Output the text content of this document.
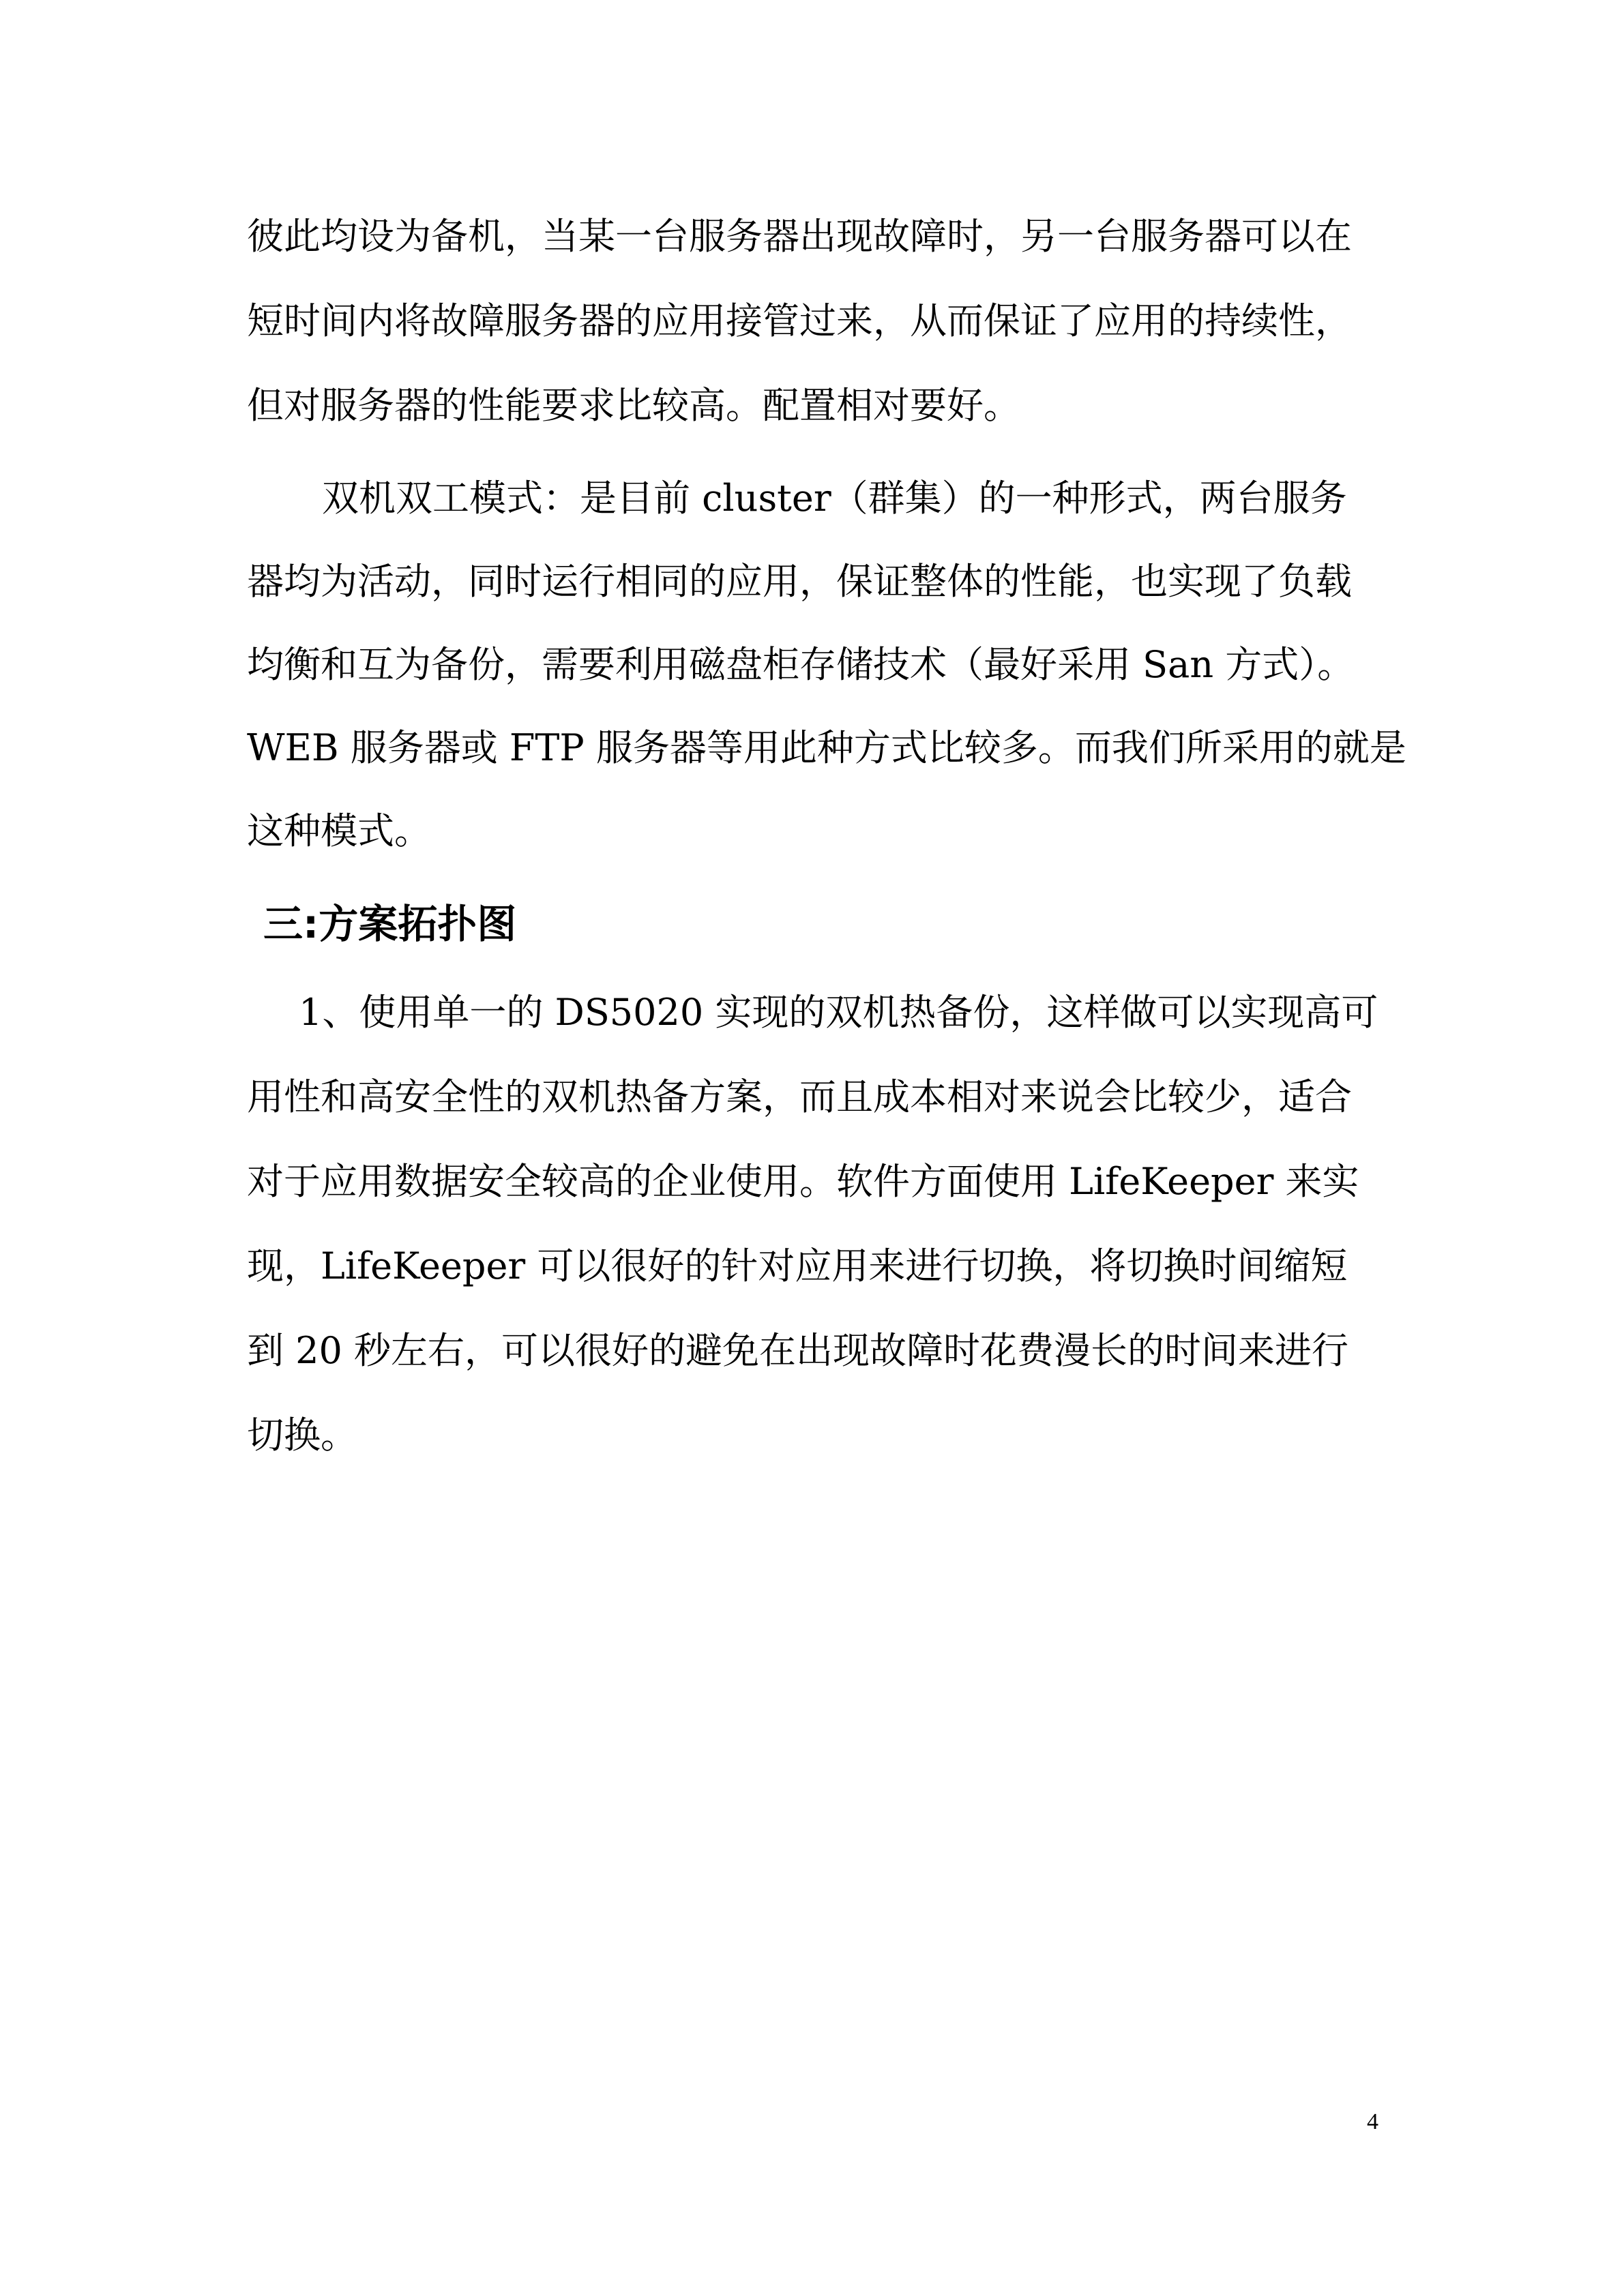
彼此均设为备机，当某一台服务器出现故障时，另一台服务器可以在
短时间内将故障服务器的应用接管过来，从而保证了应用的持续性，
但对服务器的性能要求比较高。配置相对要好。
双机双工模式：是目前 cluster（群集）的一种形式，两台服务
器均为活动，同时运行相同的应用，保证整体的性能，也实现了负载
均衡和互为备份，需要利用磁盘柜存储技术（最好采用 San 方式）。
WEB 服务器或 FTP 服务器等用此种方式比较多。而我们所采用的就是
这种模式。
三:方案拓扑图
1、使用单一的 DS5020 实现的双机热备份，这样做可以实现高可
用性和高安全性的双机热备方案，而且成本相对来说会比较少，适合
对于应用数据安全较高的企业使用。软件方面使用 LifeKeeper 来实
现，LifeKeeper 可以很好的针对应用来进行切换，将切换时间缩短
到 20 秒左右，可以很好的避免在出现故障时花费漫长的时间来进行
切换。
4
